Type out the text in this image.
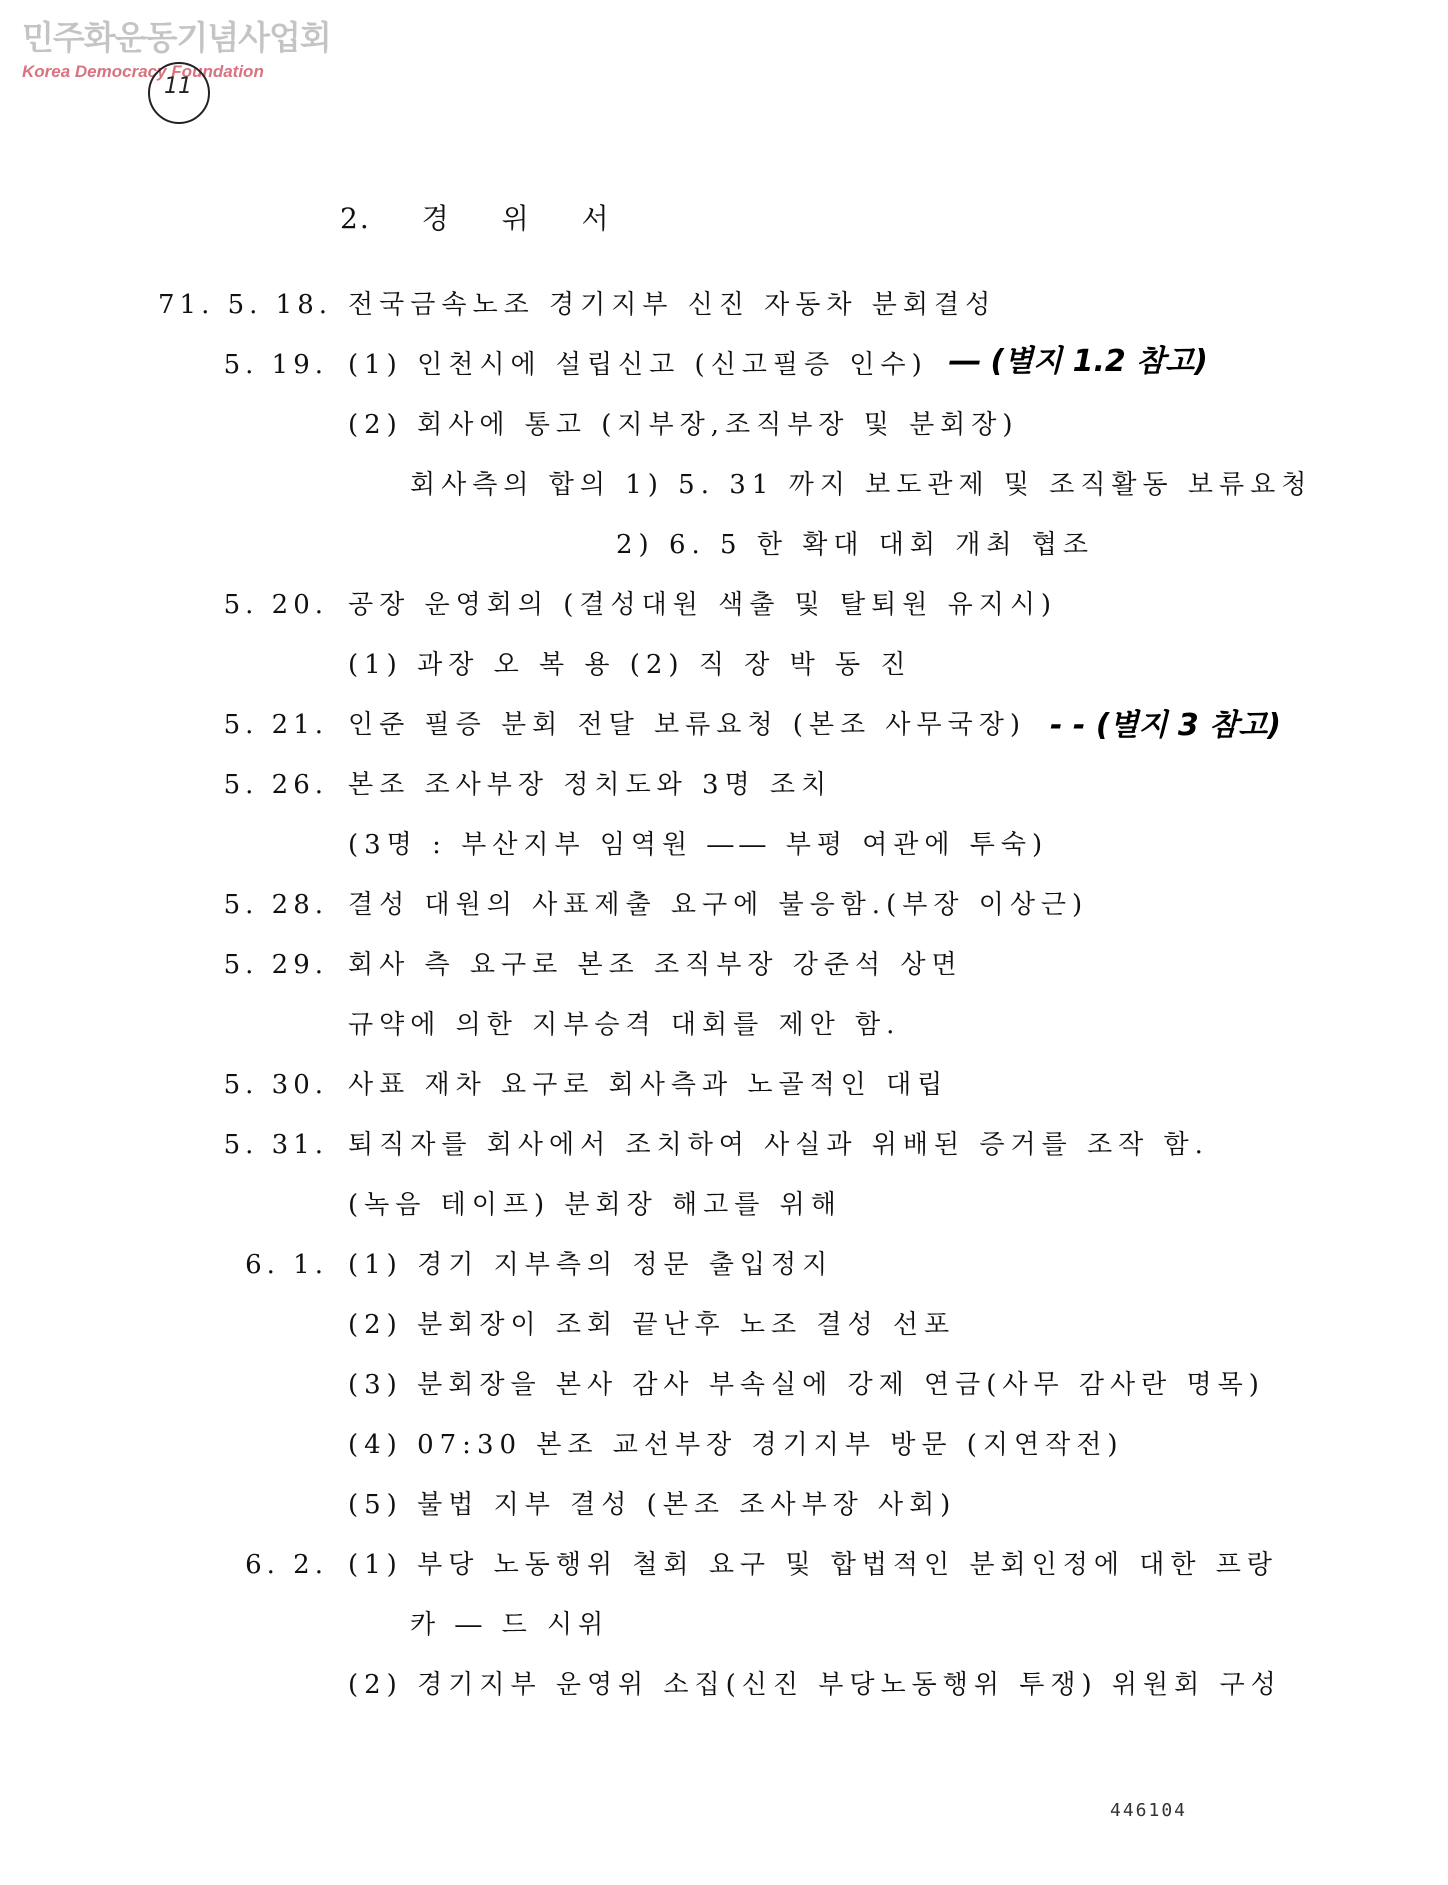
민주화운동기념사업회
Korea Democracy Foundation
11
2. 경 위 서
71. 5. 18. 전국금속노조 경기지부 신진 자동차 분회결성
5. 19. (1) 인천시에 설립신고 (신고필증 인수)
(2) 회사에 통고 (지부장,조직부장 및 분회장)
회사측의 합의 1) 5. 31 까지 보도관제 및 조직활동 보류요청
2) 6. 5 한 확대 대회 개최 협조
5. 20. 공장 운영회의 (결성대원 색출 및 탈퇴원 유지시)
(1) 과장 오 복 용 (2) 직 장 박 동 진
5. 21. 인준 필증 분회 전달 보류요청 (본조 사무국장)
5. 26. 본조 조사부장 정치도와 3명 조치
(3명 : 부산지부 임역원 ―― 부평 여관에 투숙)
5. 28. 결성 대원의 사표제출 요구에 불응함.(부장 이상근)
5. 29. 회사 측 요구로 본조 조직부장 강준석 상면
규약에 의한 지부승격 대회를 제안 함.
5. 30. 사표 재차 요구로 회사측과 노골적인 대립
5. 31. 퇴직자를 회사에서 조치하여 사실과 위배된 증거를 조작 함.
(녹음 테이프) 분회장 해고를 위해
6. 1. (1) 경기 지부측의 정문 출입정지
(2) 분회장이 조회 끝난후 노조 결성 선포
(3) 분회장을 본사 감사 부속실에 강제 연금(사무 감사란 명목)
(4) 07:30 본조 교선부장 경기지부 방문 (지연작전)
(5) 불법 지부 결성 (본조 조사부장 사회)
6. 2. (1) 부당 노동행위 철회 요구 및 합법적인 분회인정에 대한 프랑
카 ― 드 시위
(2) 경기지부 운영위 소집(신진 부당노동행위 투쟁) 위원회 구성
― (별지 1.2 참고)
- - (별지 3 참고)
446104
